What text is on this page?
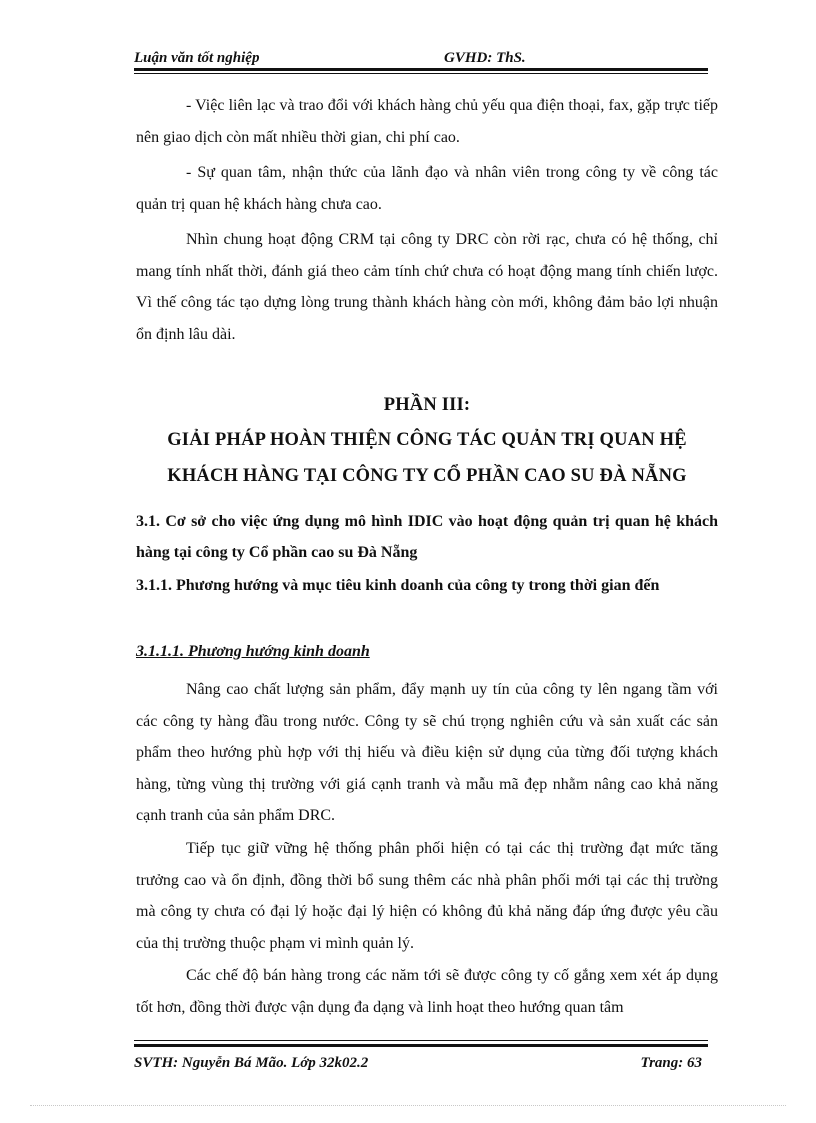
Luận văn tốt nghiệp	GVHD: ThS.

- Việc liên lạc và trao đổi với khách hàng chủ yếu qua điện thoại, fax, gặp trực tiếp nên giao dịch còn mất nhiều thời gian, chi phí cao.

- Sự quan tâm, nhận thức của lãnh đạo và nhân viên trong công ty về công tác quản trị quan hệ khách hàng chưa cao.

Nhìn chung hoạt động CRM tại công ty DRC còn rời rạc, chưa có hệ thống, chỉ mang tính nhất thời, đánh giá theo cảm tính chứ chưa có hoạt động mang tính chiến lược. Vì thế công tác tạo dựng lòng trung thành khách hàng còn mới, không đảm bảo lợi nhuận ổn định lâu dài.

PHẦN III:

GIẢI PHÁP HOÀN THIỆN CÔNG TÁC QUẢN TRỊ QUAN HỆ

KHÁCH HÀNG TẠI CÔNG TY CỔ PHẦN CAO SU ĐÀ NẴNG

3.1. Cơ sở cho việc ứng dụng mô hình IDIC vào hoạt động quản trị quan hệ khách hàng tại công ty Cổ phần cao su Đà Nẵng

3.1.1. Phương hướng và mục tiêu kinh doanh của công ty trong thời gian đến

3.1.1.1. Phương hướng kinh doanh

Nâng cao chất lượng sản phẩm, đẩy mạnh uy tín của công ty lên ngang tầm với các công ty hàng đầu trong nước. Công ty sẽ chú trọng nghiên cứu và sản xuất các sản phẩm theo hướng phù hợp với thị hiếu và điều kiện sử dụng của từng đối tượng khách hàng, từng vùng thị trường với giá cạnh tranh và mẫu mã đẹp nhằm nâng cao khả năng cạnh tranh của sản phẩm DRC.

Tiếp tục giữ vững hệ thống phân phối hiện có tại các thị trường đạt mức tăng trưởng cao và ổn định, đồng thời bổ sung thêm các nhà phân phối mới tại các thị trường mà công ty chưa có đại lý hoặc đại lý hiện có không đủ khả năng đáp ứng được yêu cầu của thị trường thuộc phạm vi mình quản lý.

Các chế độ bán hàng trong các năm tới sẽ được công ty cố gắng xem xét áp dụng tốt hơn, đồng thời được vận dụng đa dạng và linh hoạt theo hướng quan tâm

SVTH: Nguyễn Bá Mão. Lớp 32k02.2	Trang: 63
